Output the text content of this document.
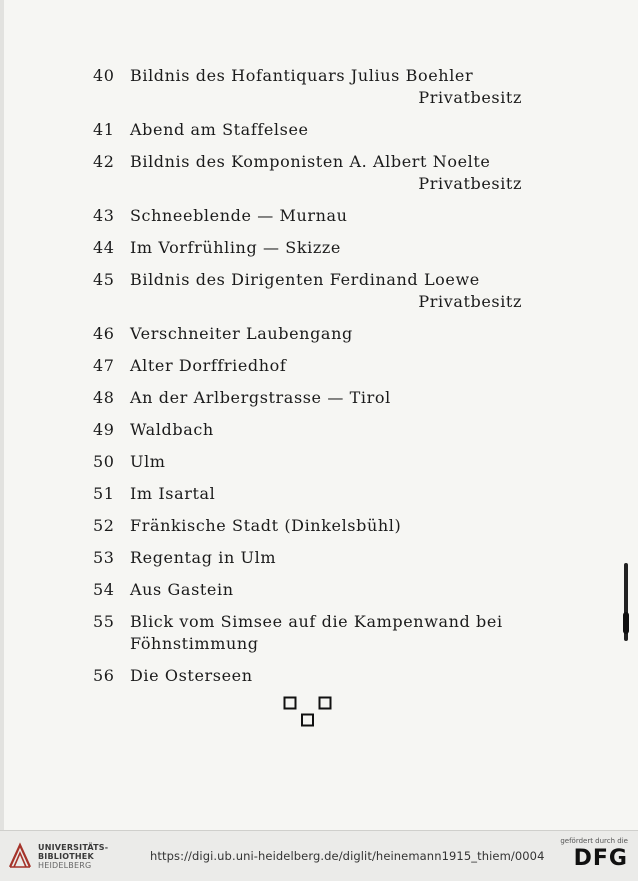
40 Bildnis des Hofantiquars Julius Boehler
Privatbesitz
41 Abend am Staffelsee
42 Bildnis des Komponisten A. Albert Noelte
Privatbesitz
43 Schneeblende — Murnau
44 Im Vorfrühling — Skizze
45 Bildnis des Dirigenten Ferdinand Loewe
Privatbesitz
46 Verschneiter Laubengang
47 Alter Dorffriedhof
48 An der Arlbergstrasse — Tirol
49 Waldbach
50 Ulm
51 Im Isartal
52 Fränkische Stadt (Dinkelsbühl)
53 Regentag in Ulm
54 Aus Gastein
55 Blick vom Simsee auf die Kampenwand bei
Föhnstimmung
56 Die Osterseen
UNIVERSITÄTS-
BIBLIOTHEK
HEIDELBERG
https://digi.ub.uni-heidelberg.de/diglit/heinemann1915_thiem/0004
gefördert durch die
DFG
